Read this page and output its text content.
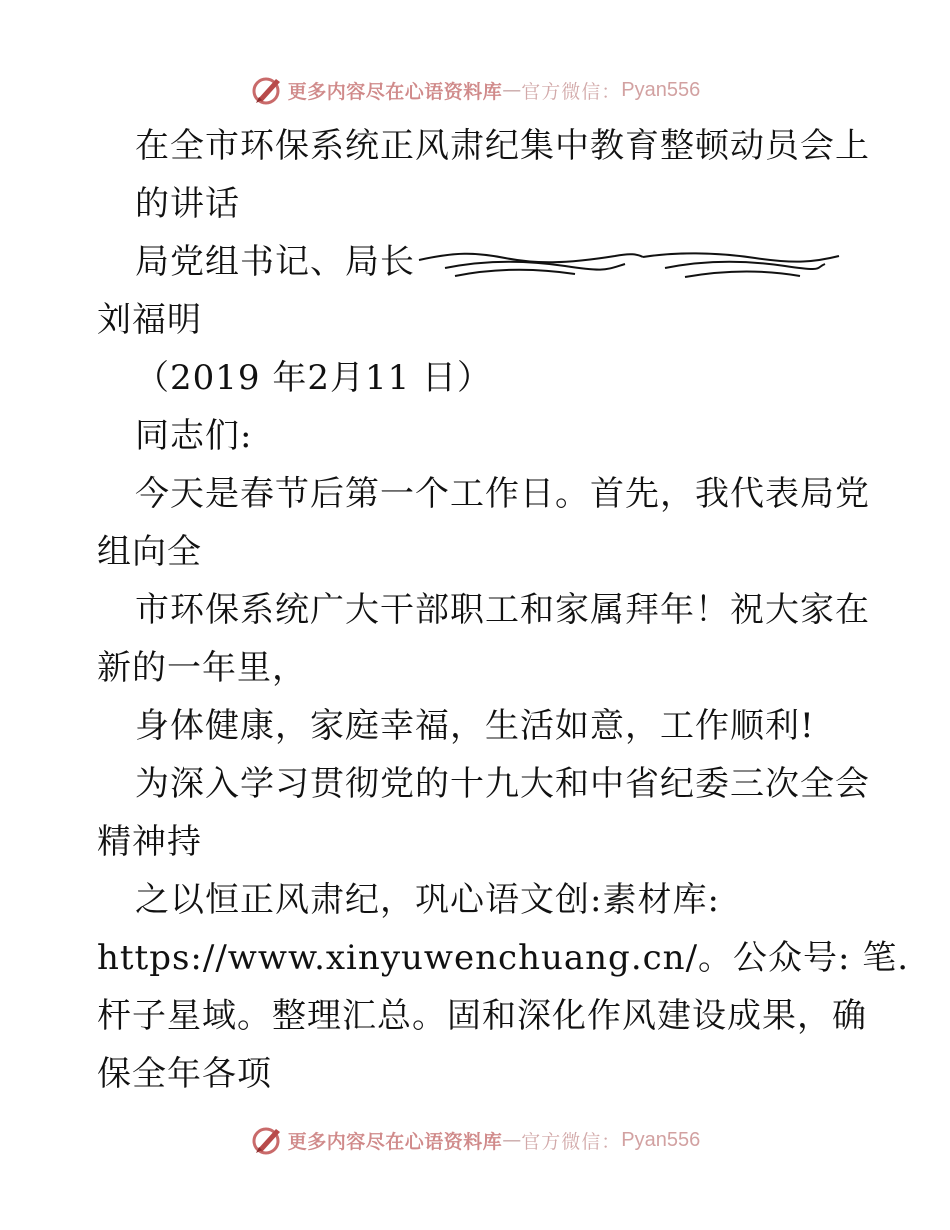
更多内容尽在心语资料库 — 官方微信： Pyan556
在全市环保系统正风肃纪集中教育整顿动员会上
的讲话
局党组书记、局长
刘福明
（2019 年2月11 日）
同志们:
今天是春节后第一个工作日。首先，我代表局党
组向全
市环保系统广大干部职工和家属拜年！祝大家在
新的一年里，
身体健康，家庭幸福，生活如意，工作顺利!
为深入学习贯彻党的十九大和中省纪委三次全会
精神持
之以恒正风肃纪，巩心语文创:素材库:
https://www.xinyuwenchuang.cn/。公众号: 笔.
杆子星域。整理汇总。固和深化作风建设成果，确
保全年各项
更多内容尽在心语资料库 — 官方微信： Pyan556
